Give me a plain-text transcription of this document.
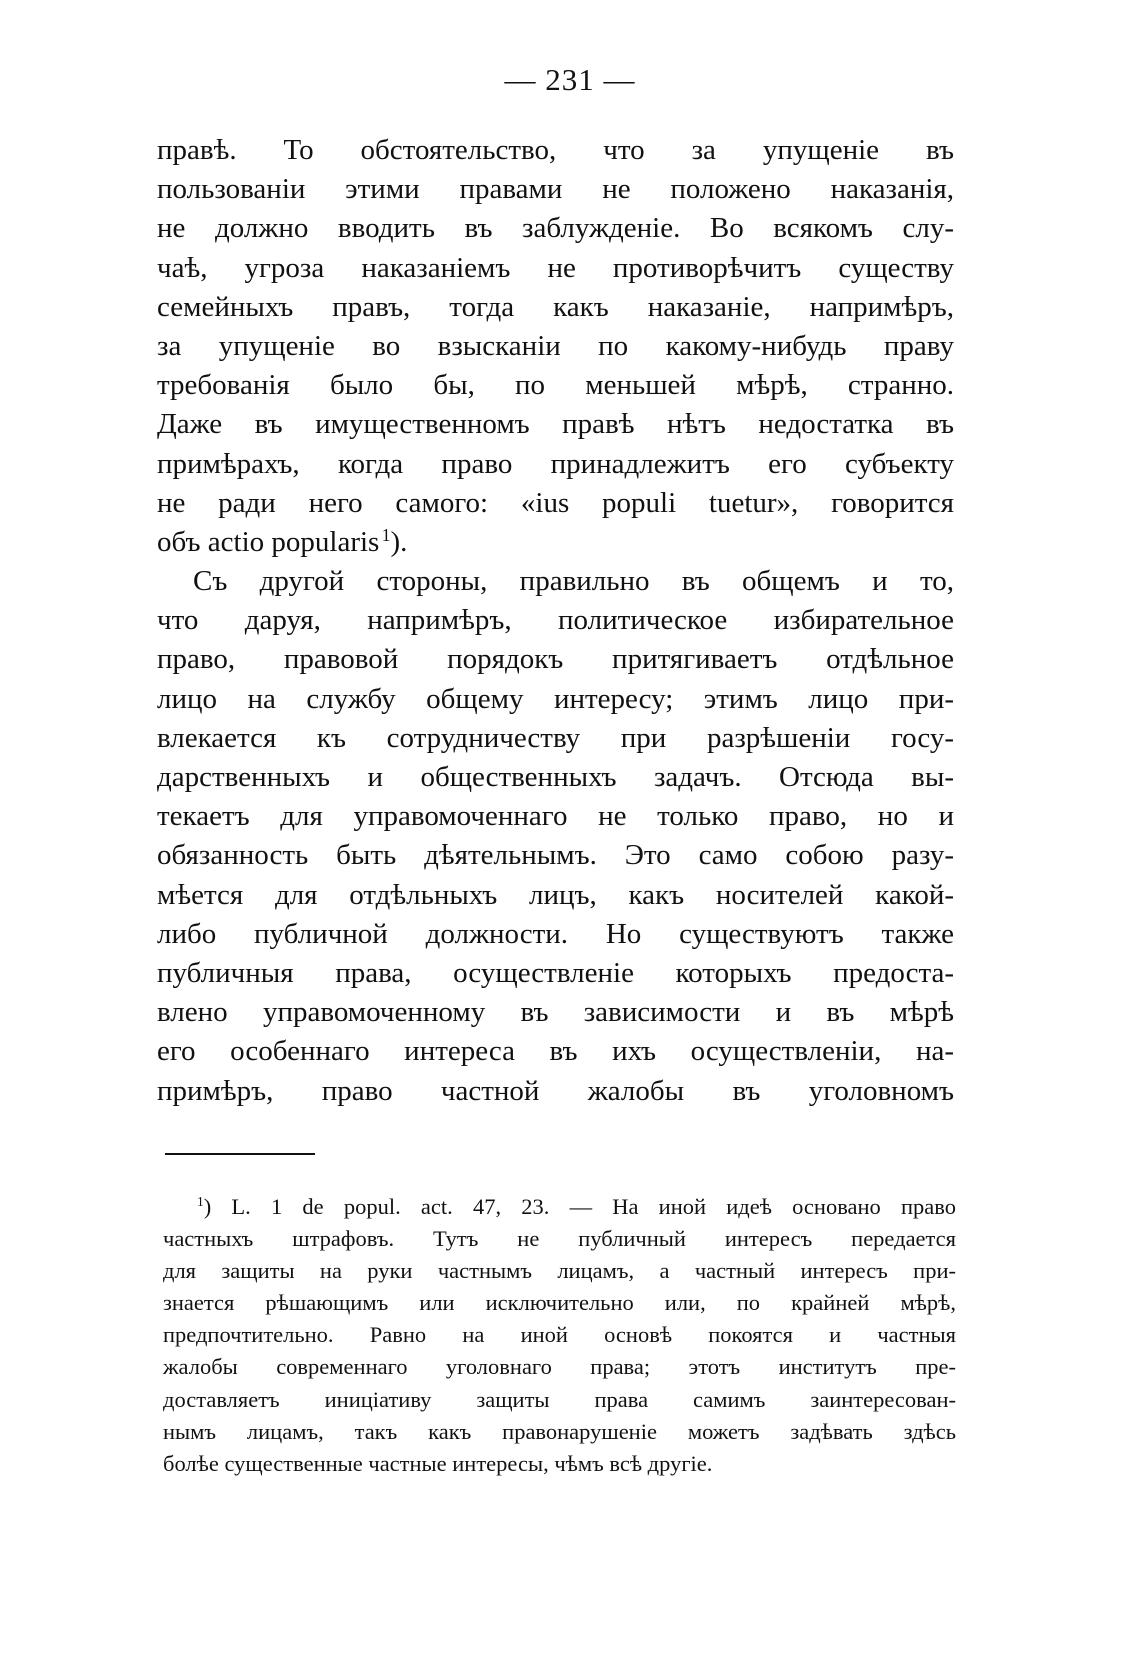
— 231 —
правѣ. То обстоятельство, что за упущеніе въ
пользованіи этими правами не положено наказанія,
не должно вводить въ заблужденіе. Во всякомъ слу-
чаѣ, угроза наказаніемъ не противорѣчитъ существу
семейныхъ правъ, тогда какъ наказаніе, напримѣръ,
за упущеніе во взысканіи по какому-нибудь праву
требованія было бы, по меньшей мѣрѣ, странно.
Даже въ имущественномъ правѣ нѣтъ недостатка въ
примѣрахъ, когда право принадлежитъ его субъекту
не ради него самого: «ius populi tuetur», говорится
объ actio popularis  $^1$).
Съ другой стороны, правильно въ общемъ и то,
что даруя, напримѣръ, политическое избирательное
право, правовой порядокъ притягиваетъ отдѣльное
лицо на службу общему интересу; этимъ лицо при-
влекается къ сотрудничеству при разрѣшеніи госу-
дарственныхъ и общественныхъ задачъ. Отсюда вы-
текаетъ для управомоченнаго не только право, но и
обязанность быть дѣятельнымъ. Это само собою разу-
мѣется для отдѣльныхъ лицъ, какъ носителей какой-
либо публичной должности. Но существуютъ также
публичныя права, осуществленіе которыхъ предоста-
влено управомоченному въ зависимости и въ мѣрѣ
его особеннаго интереса въ ихъ осуществленіи, на-
примѣръ, право частной жалобы въ уголовномъ
$^1$) L. 1 de popul. act. 47, 23. — На иной идеѣ основано право
частныхъ штрафовъ. Тутъ не публичный интересъ передается
для защиты на руки частнымъ лицамъ, а частный интересъ при-
знается рѣшающимъ или исключительно или, по крайней мѣрѣ,
предпочтительно. Равно на иной основѣ покоятся и частныя
жалобы современнаго уголовнаго права; этотъ институтъ пре-
доставляетъ иниціативу защиты права самимъ заинтересован-
нымъ лицамъ, такъ какъ правонарушеніе можетъ задѣвать здѣсь
болѣе существенные частные интересы, чѣмъ всѣ другіе.
